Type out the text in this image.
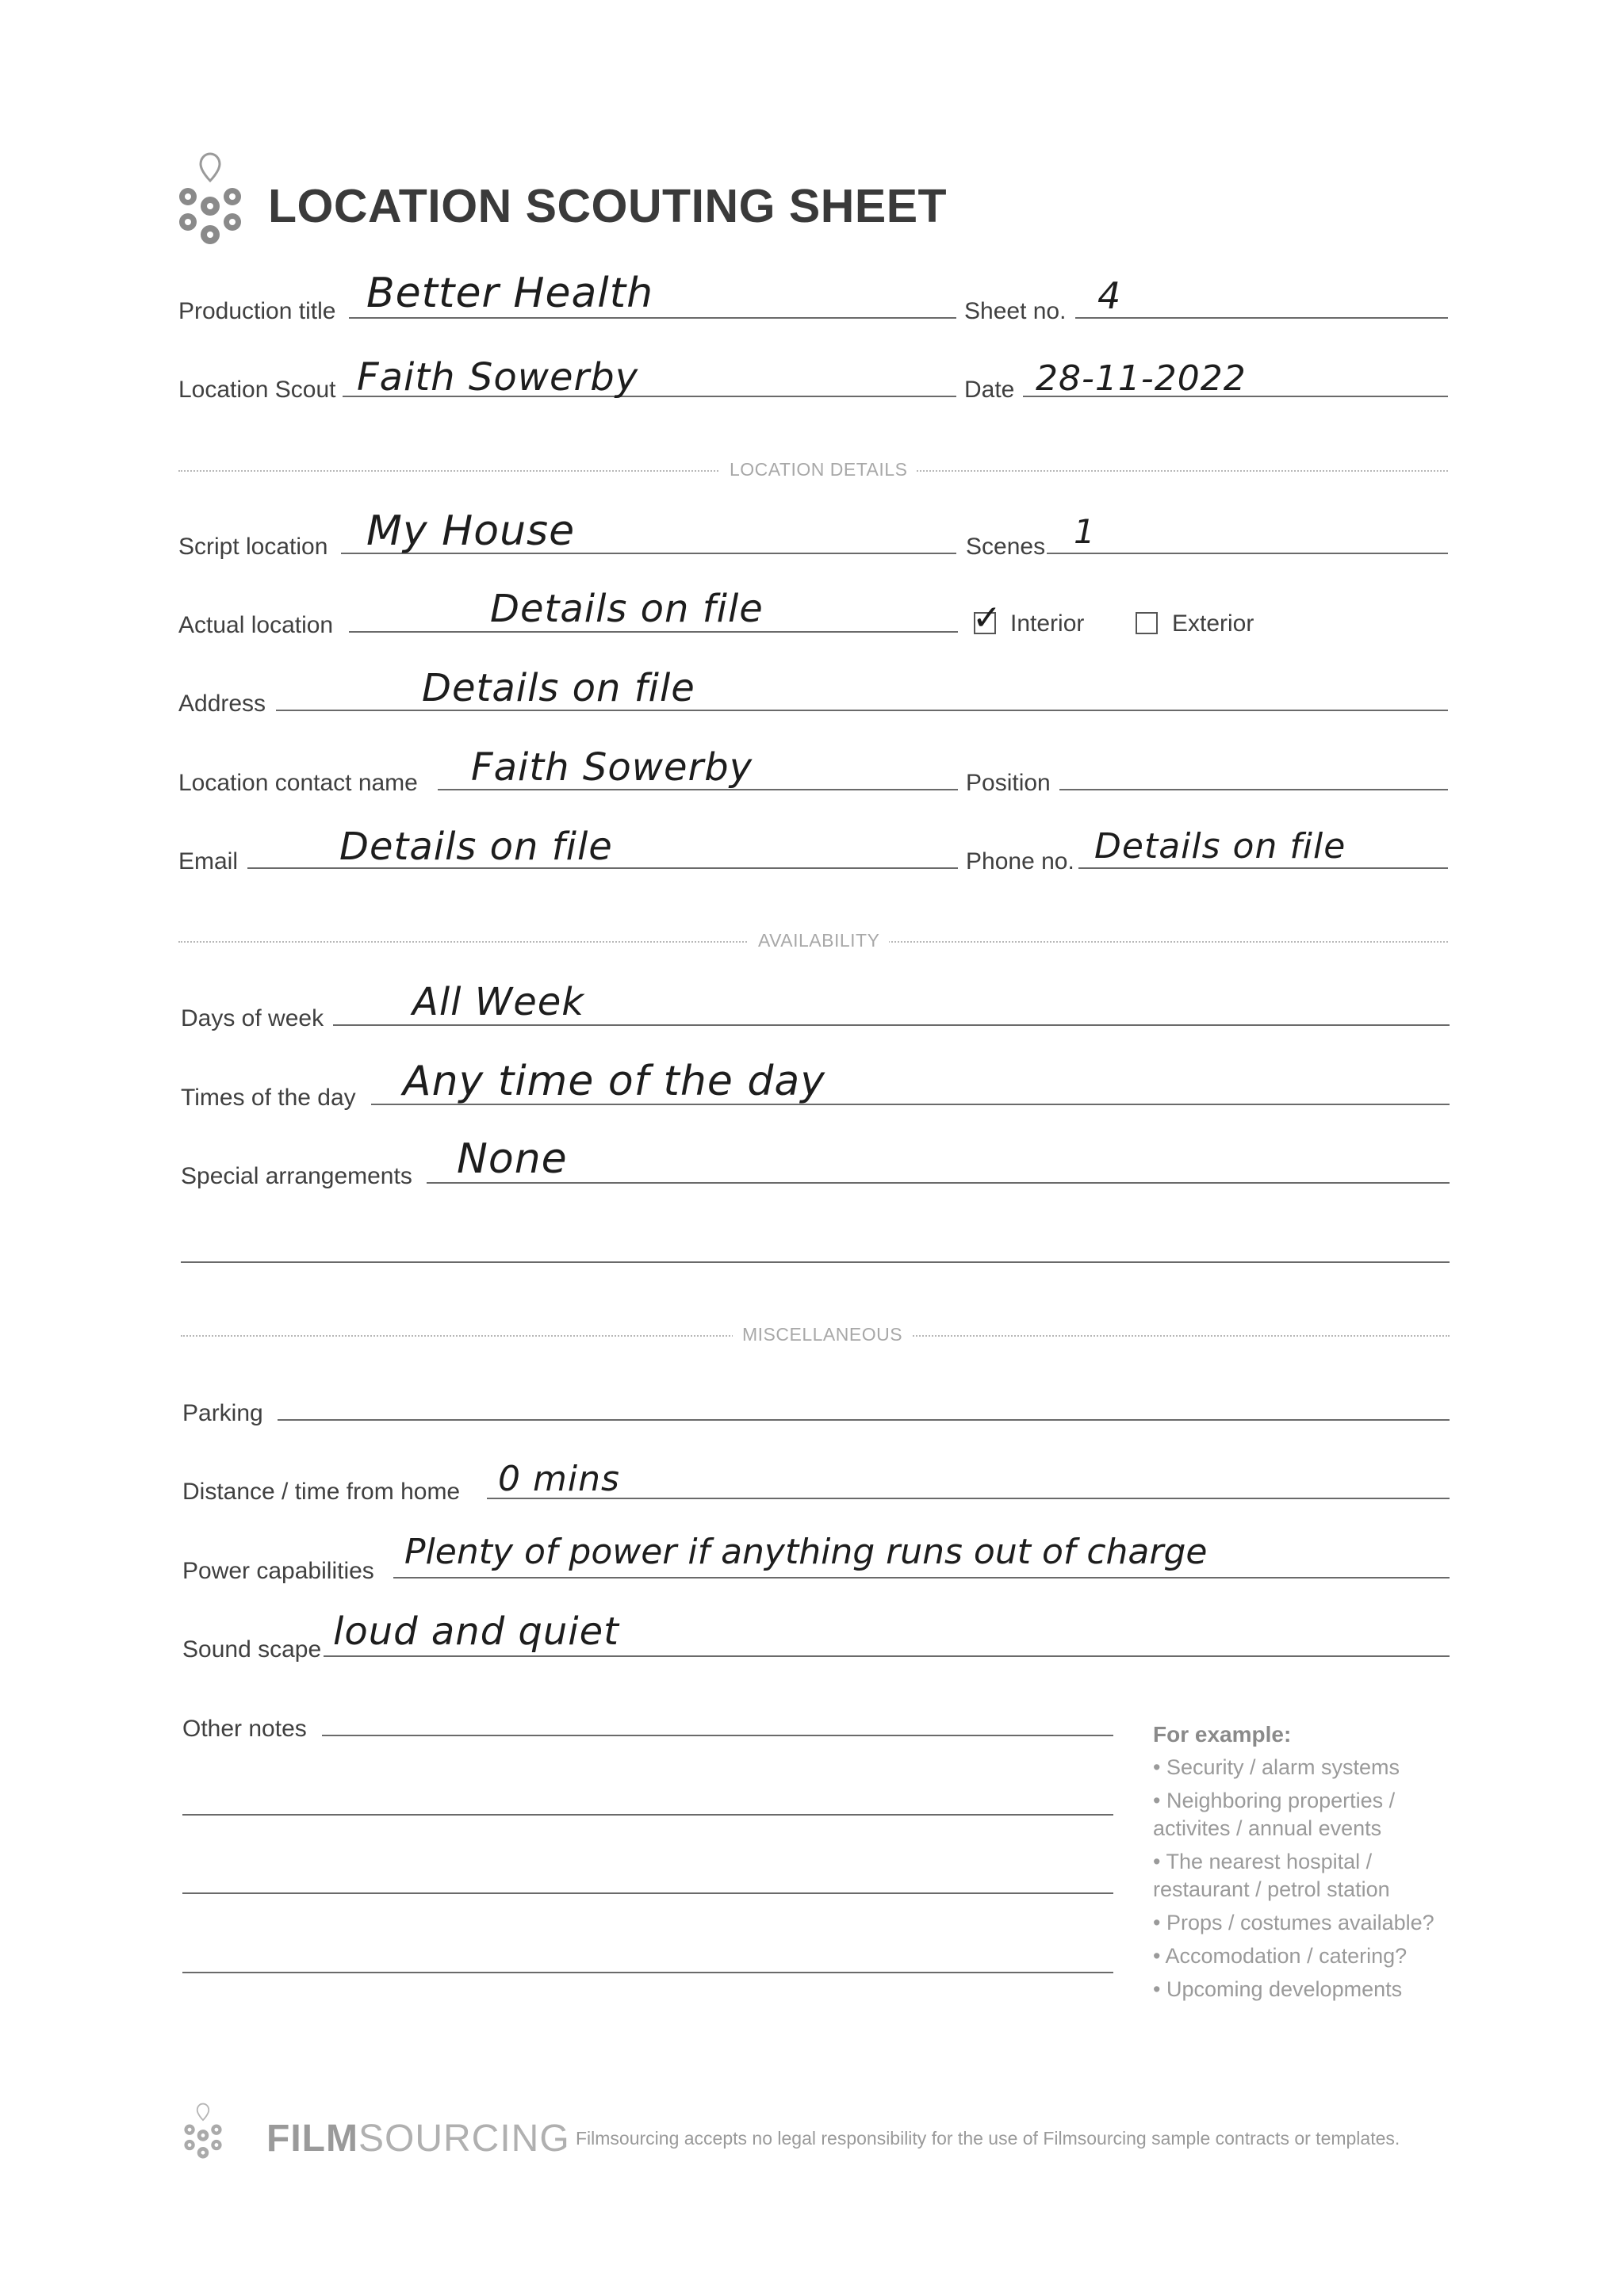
LOCATION SCOUTING SHEET
Production title Better Health	Sheet no. 4
Location Scout Faith Sowerby	Date 28-11-2022
LOCATION DETAILS
Script location My House	Scenes 1
Actual location	Details on file	✓ Interior	Exterior
Address	Details on file
Location contact name Faith Sowerby	Position
Email	Details on file	Phone no. Details on file
AVAILABILITY
Days of week All Week
Times of the day Any time of the day
Special arrangements None
MISCELLANEOUS
Parking
Distance / time from home 0 mins
Power capabilities Plenty of power if anything runs out of charge
Sound scape loud and quiet
Other notes	For example:
• Security / alarm systems
• Neighboring properties / activites / annual events
• The nearest hospital / restaurant / petrol station
• Props / costumes available?
• Accomodation / catering?
• Upcoming developments
FILMSOURCING Filmsourcing accepts no legal responsibility for the use of Filmsourcing sample contracts or templates.
